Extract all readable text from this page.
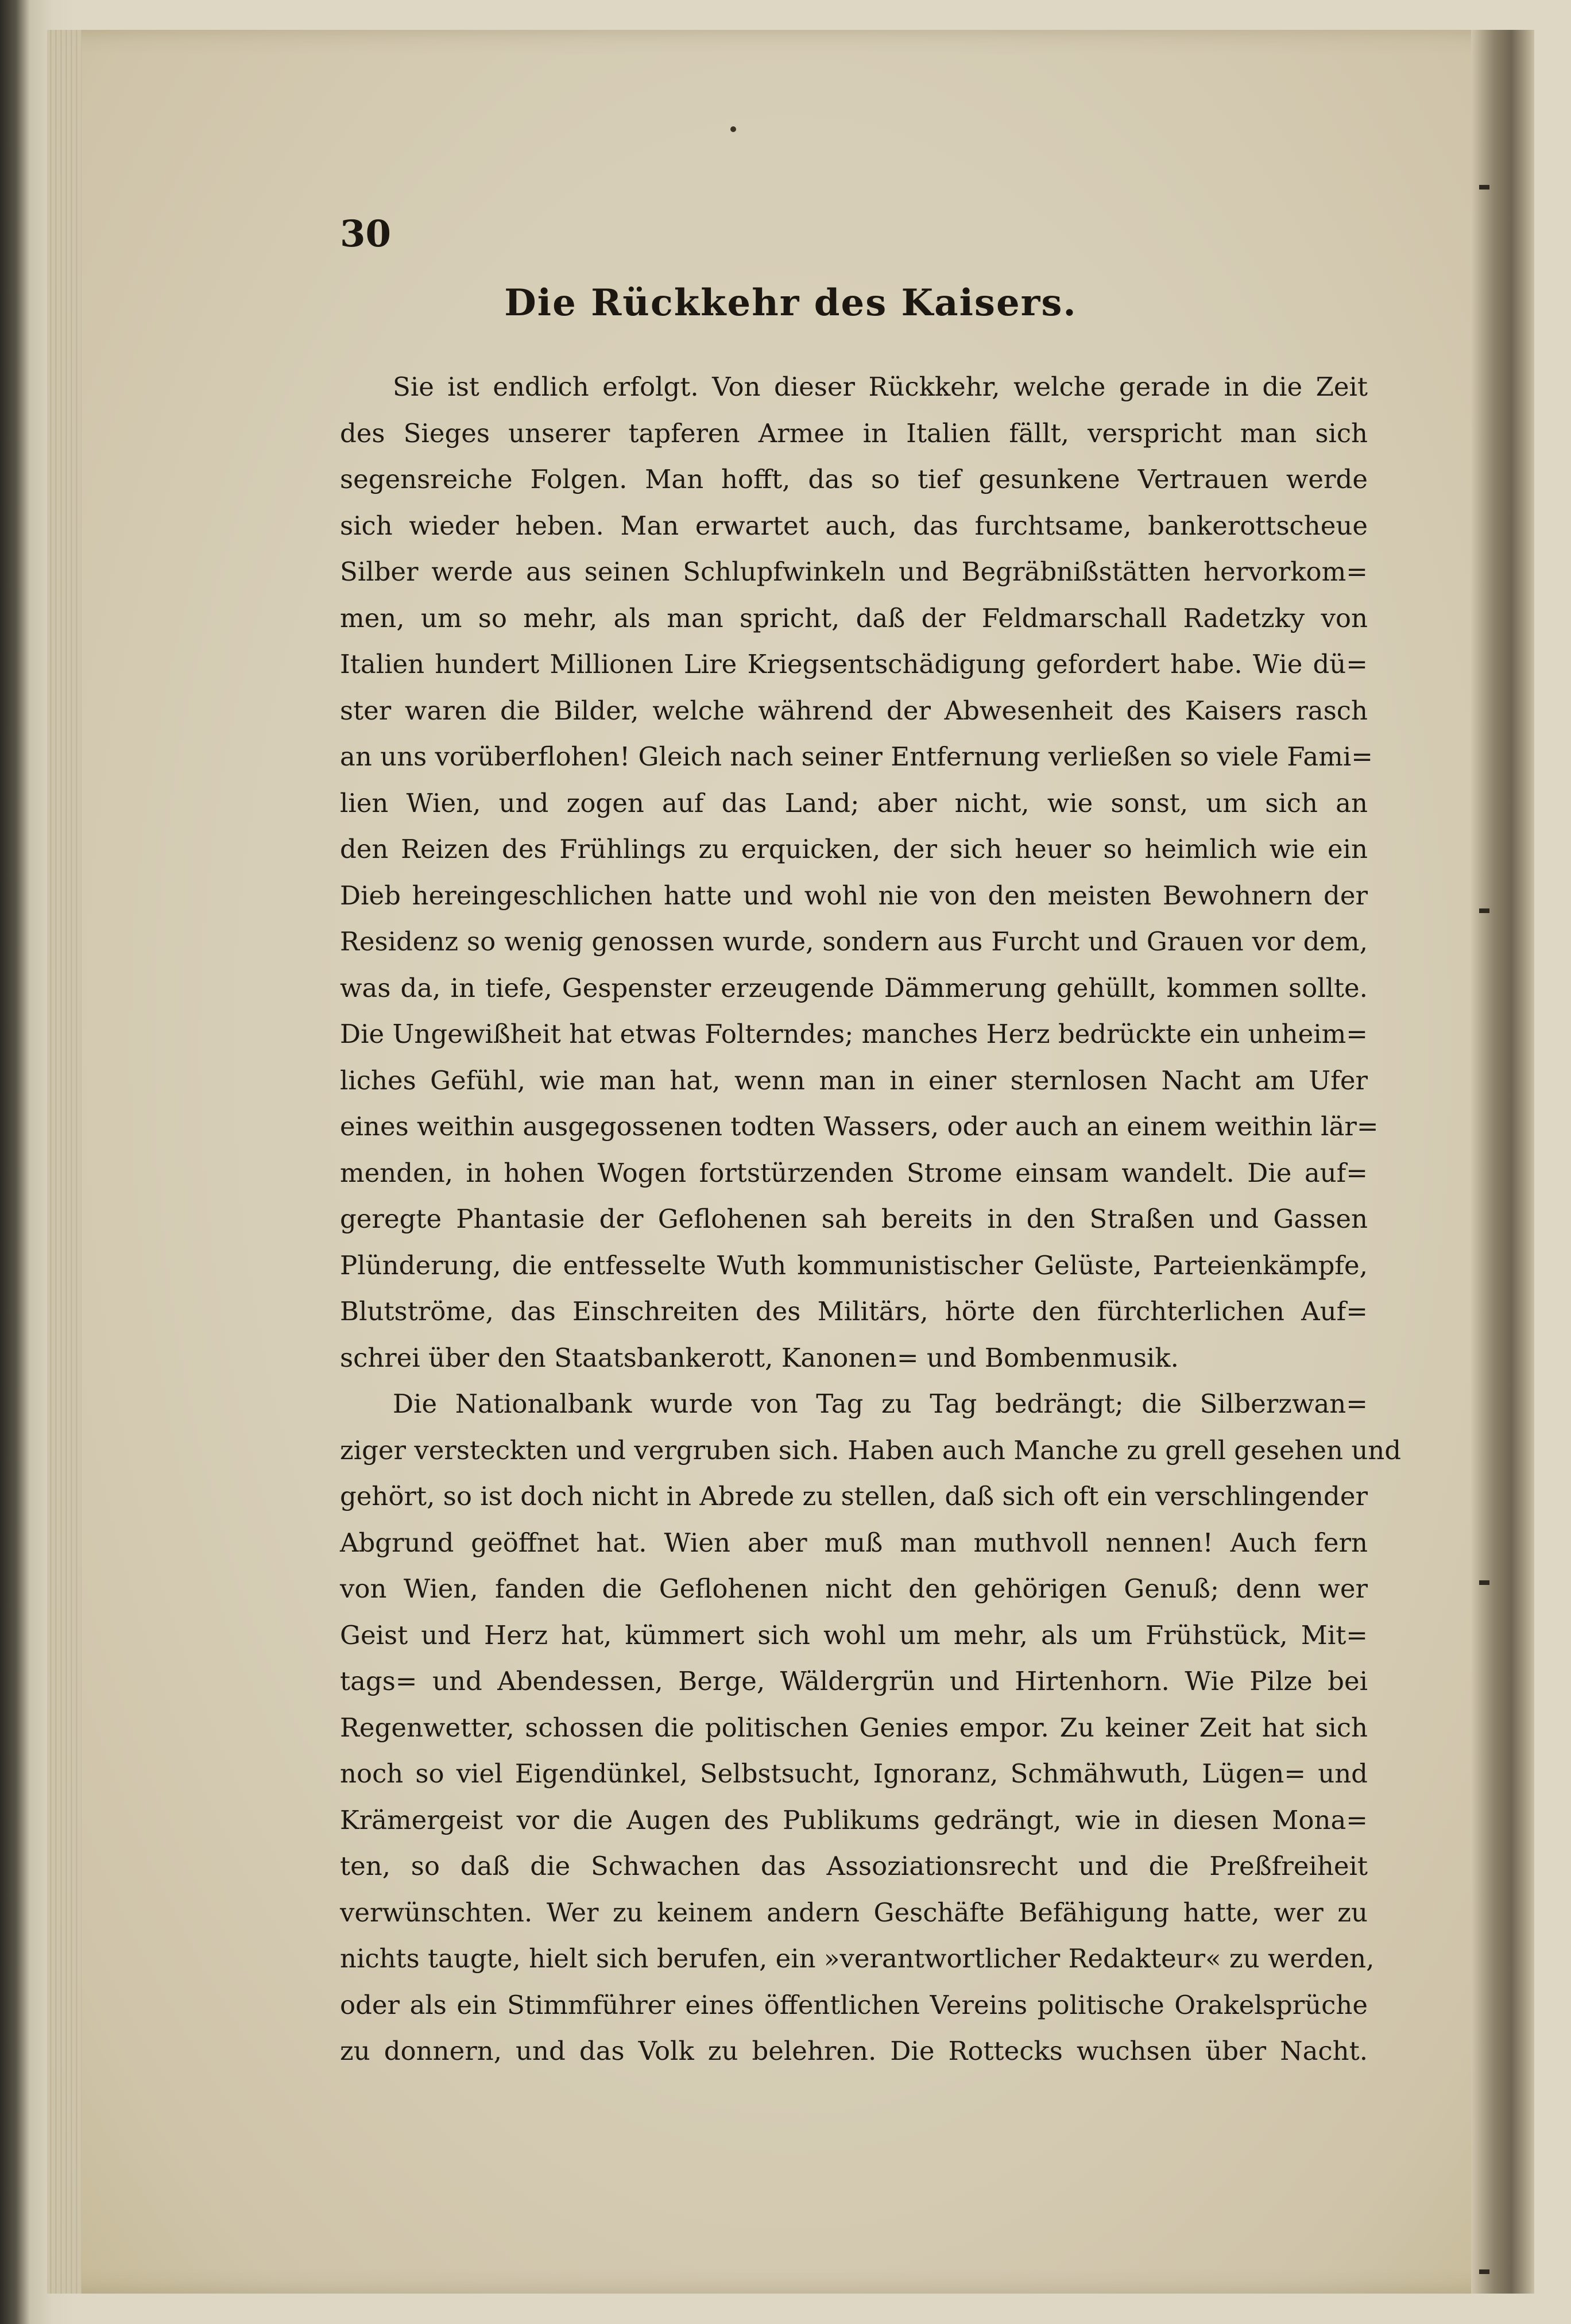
30
Die Rückkehr des Kaisers.
Sie ist endlich erfolgt. Von dieser Rückkehr, welche gerade in die Zeit
des Sieges unserer tapferen Armee in Italien fällt, verspricht man sich
segensreiche Folgen. Man hofft, das so tief gesunkene Vertrauen werde
sich wieder heben. Man erwartet auch, das furchtsame, bankerottscheue
Silber werde aus seinen Schlupfwinkeln und Begräbnißstätten hervorkom=
men, um so mehr, als man spricht, daß der Feldmarschall Radetzky von
Italien hundert Millionen Lire Kriegsentschädigung gefordert habe. Wie dü=
ster waren die Bilder, welche während der Abwesenheit des Kaisers rasch
an uns vorüberflohen! Gleich nach seiner Entfernung verließen so viele Fami=
lien Wien, und zogen auf das Land; aber nicht, wie sonst, um sich an
den Reizen des Frühlings zu erquicken, der sich heuer so heimlich wie ein
Dieb hereingeschlichen hatte und wohl nie von den meisten Bewohnern der
Residenz so wenig genossen wurde, sondern aus Furcht und Grauen vor dem,
was da, in tiefe, Gespenster erzeugende Dämmerung gehüllt, kommen sollte.
Die Ungewißheit hat etwas Folterndes; manches Herz bedrückte ein unheim=
liches Gefühl, wie man hat, wenn man in einer sternlosen Nacht am Ufer
eines weithin ausgegossenen todten Wassers, oder auch an einem weithin lär=
menden, in hohen Wogen fortstürzenden Strome einsam wandelt. Die auf=
geregte Phantasie der Geflohenen sah bereits in den Straßen und Gassen
Plünderung, die entfesselte Wuth kommunistischer Gelüste, Parteienkämpfe,
Blutströme, das Einschreiten des Militärs, hörte den fürchterlichen Auf=
schrei über den Staatsbankerott, Kanonen= und Bombenmusik.
Die Nationalbank wurde von Tag zu Tag bedrängt; die Silberzwan=
ziger versteckten und vergruben sich. Haben auch Manche zu grell gesehen und
gehört, so ist doch nicht in Abrede zu stellen, daß sich oft ein verschlingender
Abgrund geöffnet hat. Wien aber muß man muthvoll nennen! Auch fern
von Wien, fanden die Geflohenen nicht den gehörigen Genuß; denn wer
Geist und Herz hat, kümmert sich wohl um mehr, als um Frühstück, Mit=
tags= und Abendessen, Berge, Wäldergrün und Hirtenhorn. Wie Pilze bei
Regenwetter, schossen die politischen Genies empor. Zu keiner Zeit hat sich
noch so viel Eigendünkel, Selbstsucht, Ignoranz, Schmähwuth, Lügen= und
Krämergeist vor die Augen des Publikums gedrängt, wie in diesen Mona=
ten, so daß die Schwachen das Assoziationsrecht und die Preßfreiheit
verwünschten. Wer zu keinem andern Geschäfte Befähigung hatte, wer zu
nichts taugte, hielt sich berufen, ein »verantwortlicher Redakteur« zu werden,
oder als ein Stimmführer eines öffentlichen Vereins politische Orakelsprüche
zu donnern, und das Volk zu belehren. Die Rottecks wuchsen über Nacht.
